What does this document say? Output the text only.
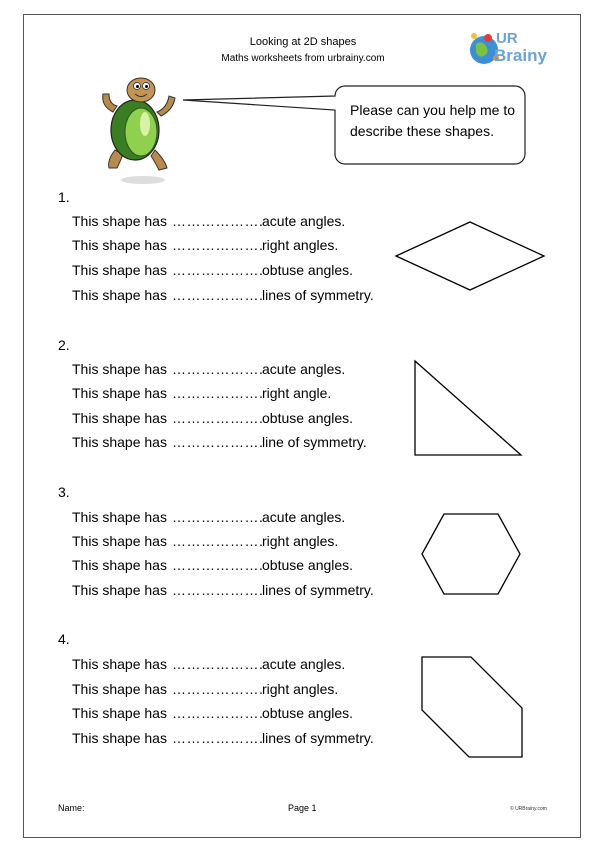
Looking at 2D shapes
Maths worksheets from urbrainy.com
UR
Brainy
Please can you help me to
describe these shapes.
1.
This shape has ……………….acute angles.
This shape has ……………….right angles.
This shape has ……………….obtuse angles.
This shape has ……………….lines of symmetry.
2.
This shape has ……………….acute angles.
This shape has ……………….right angle.
This shape has ……………….obtuse angles.
This shape has ……………….line of symmetry.
3.
This shape has ……………….acute angles.
This shape has ……………….right angles.
This shape has ……………….obtuse angles.
This shape has ……………….lines of symmetry.
4.
This shape has ……………….acute angles.
This shape has ……………….right angles.
This shape has ……………….obtuse angles.
This shape has ……………….lines of symmetry.
Name:	Page 1	© URBrainy.com
